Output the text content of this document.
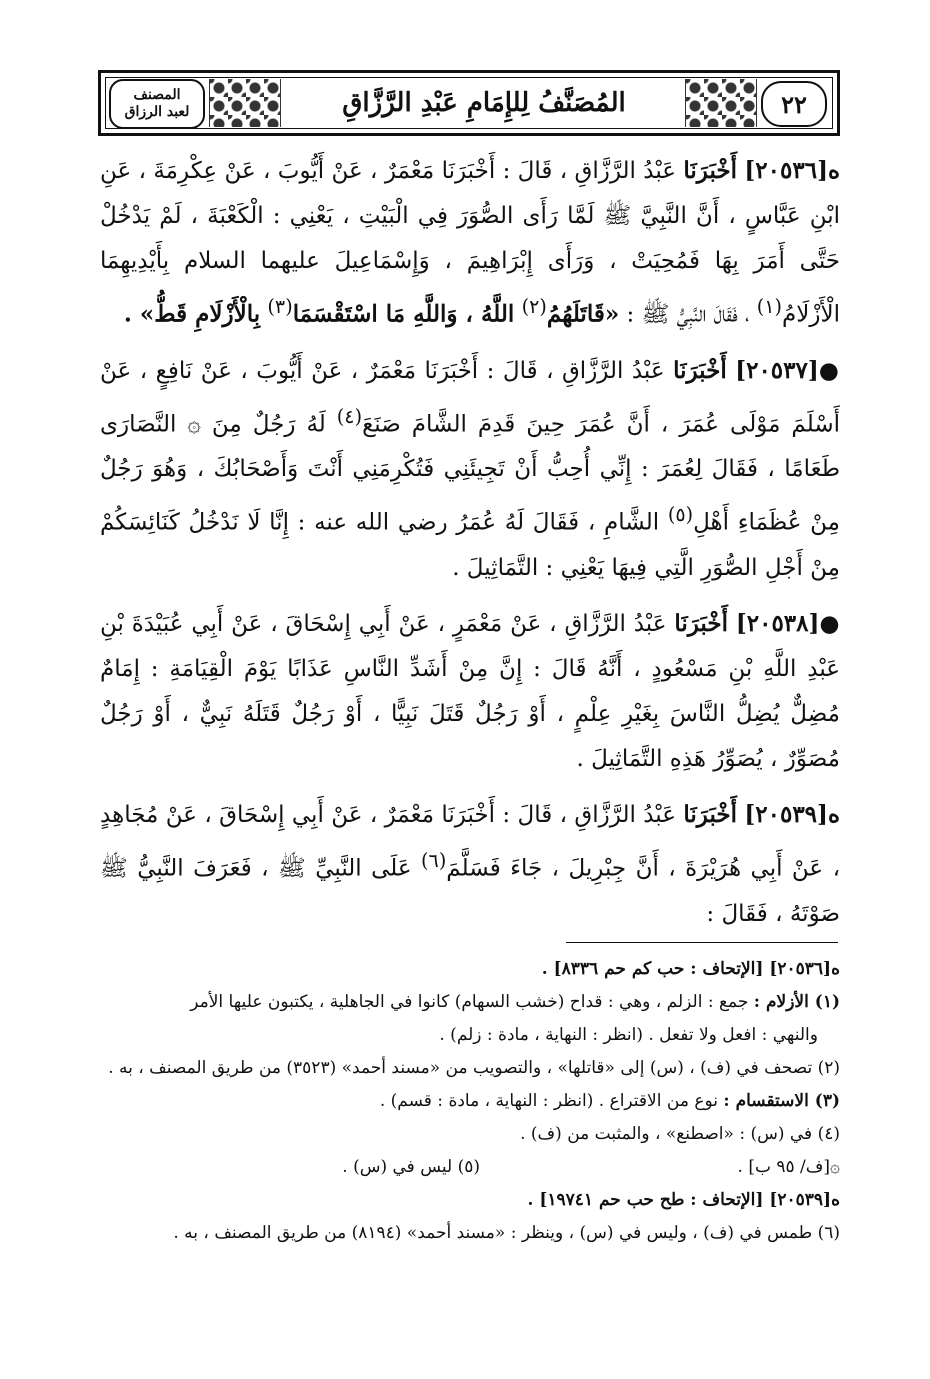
٢٢
المُصَنَّفُ لِلإِمَامِ عَبْدِ الرَّزَّاقِ
المصنف
لعبد الرزاق

ه[٢٠٥٣٦] أَخْبَرَنَا عَبْدُ الرَّزَّاقِ ، قَالَ : أَخْبَرَنَا مَعْمَرٌ ، عَنْ أَيُّوبَ ، عَنْ عِكْرِمَةَ ، عَنِ ابْنِ عَبَّاسٍ ، أَنَّ النَّبِيَّ ﷺ لَمَّا رَأَى الصُّوَرَ فِي الْبَيْتِ ، يَعْنِي : الْكَعْبَةَ ، لَمْ يَدْخُلْ حَتَّى أَمَرَ بِهَا فَمُحِيَتْ ، وَرَأَى إِبْرَاهِيمَ ، وَإِسْمَاعِيلَ عليهما السلام بِأَيْدِيهِمَا الْأَزْلَامُ$^{(١)}$ ، فَقَالَ النَّبِيُّ ﷺ : «قَاتَلَهُمُ$^{(٢)}$ اللَّهُ ، وَاللَّهِ مَا اسْتَقْسَمَا$^{(٣)}$ بِالْأَزْلَامِ قَطُّ» .

●[٢٠٥٣٧] أَخْبَرَنَا عَبْدُ الرَّزَّاقِ ، قَالَ : أَخْبَرَنَا مَعْمَرٌ ، عَنْ أَيُّوبَ ، عَنْ نَافِعٍ ، عَنْ أَسْلَمَ مَوْلَى عُمَرَ ، أَنَّ عُمَرَ حِينَ قَدِمَ الشَّامَ صَنَعَ$^{(٤)}$ لَهُ رَجُلٌ مِنَ ۞ النَّصَارَى طَعَامًا ، فَقَالَ لِعُمَرَ : إِنِّي أُحِبُّ أَنْ تَجِيئَنِي فَتُكْرِمَنِي أَنْتَ وَأَصْحَابُكَ ، وَهُوَ رَجُلٌ مِنْ عُظَمَاءِ أَهْلِ$^{(٥)}$ الشَّامِ ، فَقَالَ لَهُ عُمَرُ رضي الله عنه : إِنَّا لَا نَدْخُلُ كَنَائِسَكُمْ مِنْ أَجْلِ الصُّوَرِ الَّتِي فِيهَا يَعْنِي : التَّمَاثِيلَ .

●[٢٠٥٣٨] أَخْبَرَنَا عَبْدُ الرَّزَّاقِ ، عَنْ مَعْمَرٍ ، عَنْ أَبِي إِسْحَاقَ ، عَنْ أَبِي عُبَيْدَةَ بْنِ عَبْدِ اللَّهِ بْنِ مَسْعُودٍ ، أَنَّهُ قَالَ : إِنَّ مِنْ أَشَدِّ النَّاسِ عَذَابًا يَوْمَ الْقِيَامَةِ : إِمَامٌ مُضِلٌّ يُضِلُّ النَّاسَ بِغَيْرِ عِلْمٍ ، أَوْ رَجُلٌ قَتَلَ نَبِيًّا ، أَوْ رَجُلٌ قَتَلَهُ نَبِيٌّ ، أَوْ رَجُلٌ مُصَوِّرٌ ، يُصَوِّرُ هَذِهِ التَّمَاثِيلَ .

ه[٢٠٥٣٩] أَخْبَرَنَا عَبْدُ الرَّزَّاقِ ، قَالَ : أَخْبَرَنَا مَعْمَرٌ ، عَنْ أَبِي إِسْحَاقَ ، عَنْ مُجَاهِدٍ ، عَنْ أَبِي هُرَيْرَةَ ، أَنَّ جِبْرِيلَ ، جَاءَ فَسَلَّمَ$^{(٦)}$ عَلَى النَّبِيِّ ﷺ ، فَعَرَفَ النَّبِيُّ ﷺ صَوْتَهُ ، فَقَالَ :

ه[٢٠٥٣٦] [الإتحاف : حب كم حم ٨٣٣٦] .

(١) الأزلام : جمع : الزلم ، وهي : قداح (خشب السهام) كانوا في الجاهلية ، يكتبون عليها الأمر

والنهي : افعل ولا تفعل . (انظر : النهاية ، مادة : زلم) .

(٢) تصحف في (ف) ، (س) إلى «قاتلها» ، والتصويب من «مسند أحمد» (٣٥٢٣) من طريق المصنف ، به .

(٣) الاستقسام : نوع من الاقتراع . (انظر : النهاية ، مادة : قسم) .

(٤) في (س) : «اصطنع» ، والمثبت من (ف) .

۞[ف/ ٩٥ ب] .
(٥) ليس في (س) .

ه[٢٠٥٣٩] [الإتحاف : طح حب حم ١٩٧٤١] .

(٦) طمس في (ف) ، وليس في (س) ، وينظر : «مسند أحمد» (٨١٩٤) من طريق المصنف ، به .
